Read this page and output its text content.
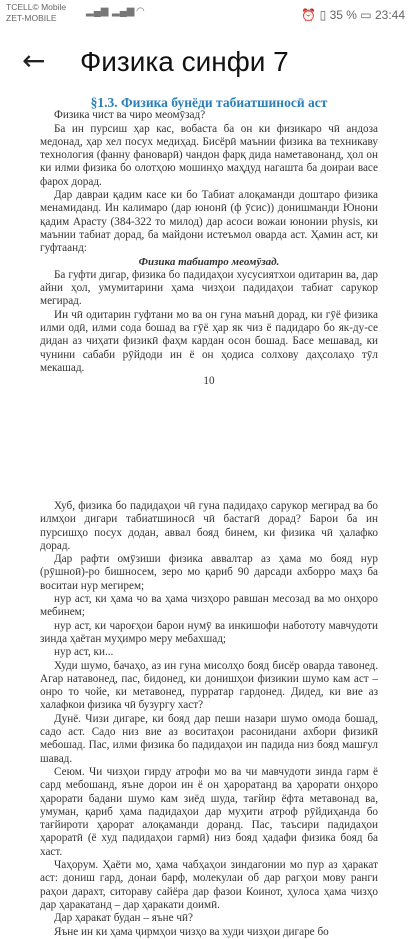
TCELL© Mobile
ZET-MOBILE
▂▄▆ ▂▄▆ ◠	⏰ ▯ 35 % ▭ 23:44
← Физика синфи 7

§1.3. Физика бунёди табиатшиносӣ аст

Физика чист ва чиро меомӯзад?

Ба ин пурсиш ҳар кас, вобаста ба он ки физикаро чӣ андоза медонад, ҳар хел посух медиҳад. Бисёрӣ маънии физика ва техникаву технология (фанну фановарӣ) чандон фарқ дида наметавонанд, ҳол он ки илми физика бо олотҳою мошинҳо маҳдуд нагашта ба доираи васе фарох дорад.

Дар давраи қадим касе ки бо Табиат алоқаманди доштаро физика менамиданд. Ин калимаро (дар юнонӣ (ф ӯсис)) донишманди Юнони қадим Арасту (384-322 то милод) дар асоси вожаи юнонии physis, ки маънии табиат дорад, ба майдони истеъмол оварда аст. Ҳамин аст, ки гуфтаанд:

Физика табиатро меомӯзад.

Ба гуфти дигар, физика бо падидаҳои хусусиятхои одитарин ва, дар айни ҳол, умумитарини ҳама чизҳои падидаҳои табиат сарукор мегирад.

Ин чӣ одитарин гуфтани мо ва он гуна маънӣ дорад, ки гӯё физика илми одӣ, илми сода бошад ва гӯё ҳар як чиз ё падидаро бо як-ду-се дидан аз чиҳати физикӣ фаҳм кардан осон бошад. Басе мешавад, ки чунини сабаби рӯйдоди ин ё он ҳодиса солхову даҳсолаҳо тӯл мекашад.

10

Хуб, физика бо падидаҳои чӣ гуна падидаҳо сарукор мегирад ва бо илмҳои дигари табиатшиносӣ чӣ бастагӣ дорад? Барои ба ин пурсишҳо посух додан, аввал бояд бинем, ки физика чӣ ҳалафко дорад.

Дар рафти омӯзиши физика аввалтар аз ҳама мо бояд нур (рӯшноӣ)-ро бишносем, зеро мо қариб 90 дарсади ахборро маҳз ба воситаи нур мегирем;

нур аст, ки ҳама чо ва ҳама чизҳоро равшан месозад ва мо онҳоро мебинем;

нур аст, ки чароғҳои барои нумӯ ва инкишофи набототу мавчудоти зинда ҳаётан муҳимро меру мебахшад;

нур аст, ки...

Худи шумо, бачаҳо, аз ин гуна мисолҳо бояд бисёр оварда тавонед. Агар натавонед, пас, бидонед, ки донишҳои физикии шумо кам аст – онро то чойе, ки метавонед, пурратар гардонед. Дидед, ки вие аз халафкои физика чӣ бузургу хаст?

Дунё. Чизи дигаре, ки бояд дар пеши назари шумо омода бошад, садо аст. Садо низ вие аз воситаҳои расонидани ахбори физикӣ мебошад. Пас, илми физика бо падидаҳои ин падида низ бояд машғул шавад.

Сеюм. Чи чизҳои гирду атрофи мо ва чи мавчудоти зинда гарм ё сард мебошанд, яъне дорои ин ё он ҳароратанд ва ҳарорати онҳоро ҳарорати бадани шумо кам зиёд шуда, тағйир ёфта метавонад ва, умуман, қариб ҳама падидаҳои дар муҳити атроф рӯйдиҳанда бо тағйироти ҳарорат алоқаманди доранд. Пас, таъсири падидаҳои ҳароратӣ (ё худ падидаҳои гармӣ) низ бояд ҳадафи физика бояд ба хаст.

Чаҳорум. Ҳаёти мо, ҳама чабҳаҳои зиндагонии мо пур аз ҳаракат аст: дониш гард, донаи барф, молекулаи об дар рагҳои мову ранги раҳои дарахт, ситораву сайёра дар фазои Коинот, ҳулоса ҳама чизҳо дар ҳаракатанд – дар ҳаракати доимӣ.

Дар ҳаракат будан – яъне чӣ?

Яъне ин ки ҳама ҷирмҳои чизҳо ва худи чизҳои дигаре бо
